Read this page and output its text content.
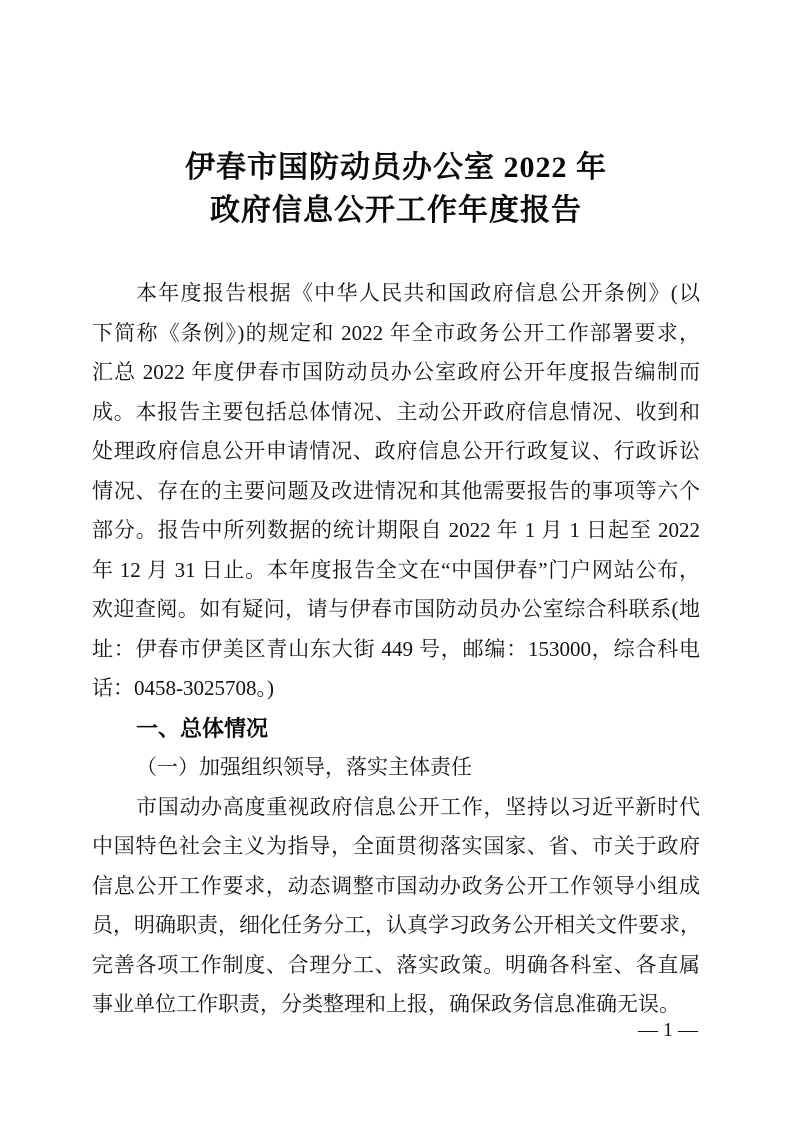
伊春市国防动员办公室 2022 年
政府信息公开工作年度报告
本年度报告根据《中华人民共和国政府信息公开条例》(以
下简称《条例》)的规定和 2022 年全市政务公开工作部署要求，
汇总 2022 年度伊春市国防动员办公室政府公开年度报告编制而
成。本报告主要包括总体情况、主动公开政府信息情况、收到和
处理政府信息公开申请情况、政府信息公开行政复议、行政诉讼
情况、存在的主要问题及改进情况和其他需要报告的事项等六个
部分。报告中所列数据的统计期限自 2022 年 1 月 1 日起至 2022
年 12 月 31 日止。本年度报告全文在“中国伊春”门户网站公布，
欢迎查阅。如有疑问，请与伊春市国防动员办公室综合科联系(地
址：伊春市伊美区青山东大街 449 号，邮编：153000，综合科电
话：0458-3025708。)
一、总体情况
（一）加强组织领导，落实主体责任
市国动办高度重视政府信息公开工作，坚持以习近平新时代
中国特色社会主义为指导，全面贯彻落实国家、省、市关于政府
信息公开工作要求，动态调整市国动办政务公开工作领导小组成
员，明确职责，细化任务分工，认真学习政务公开相关文件要求，
完善各项工作制度、合理分工、落实政策。明确各科室、各直属
事业单位工作职责，分类整理和上报，确保政务信息准确无误。
— 1 —
